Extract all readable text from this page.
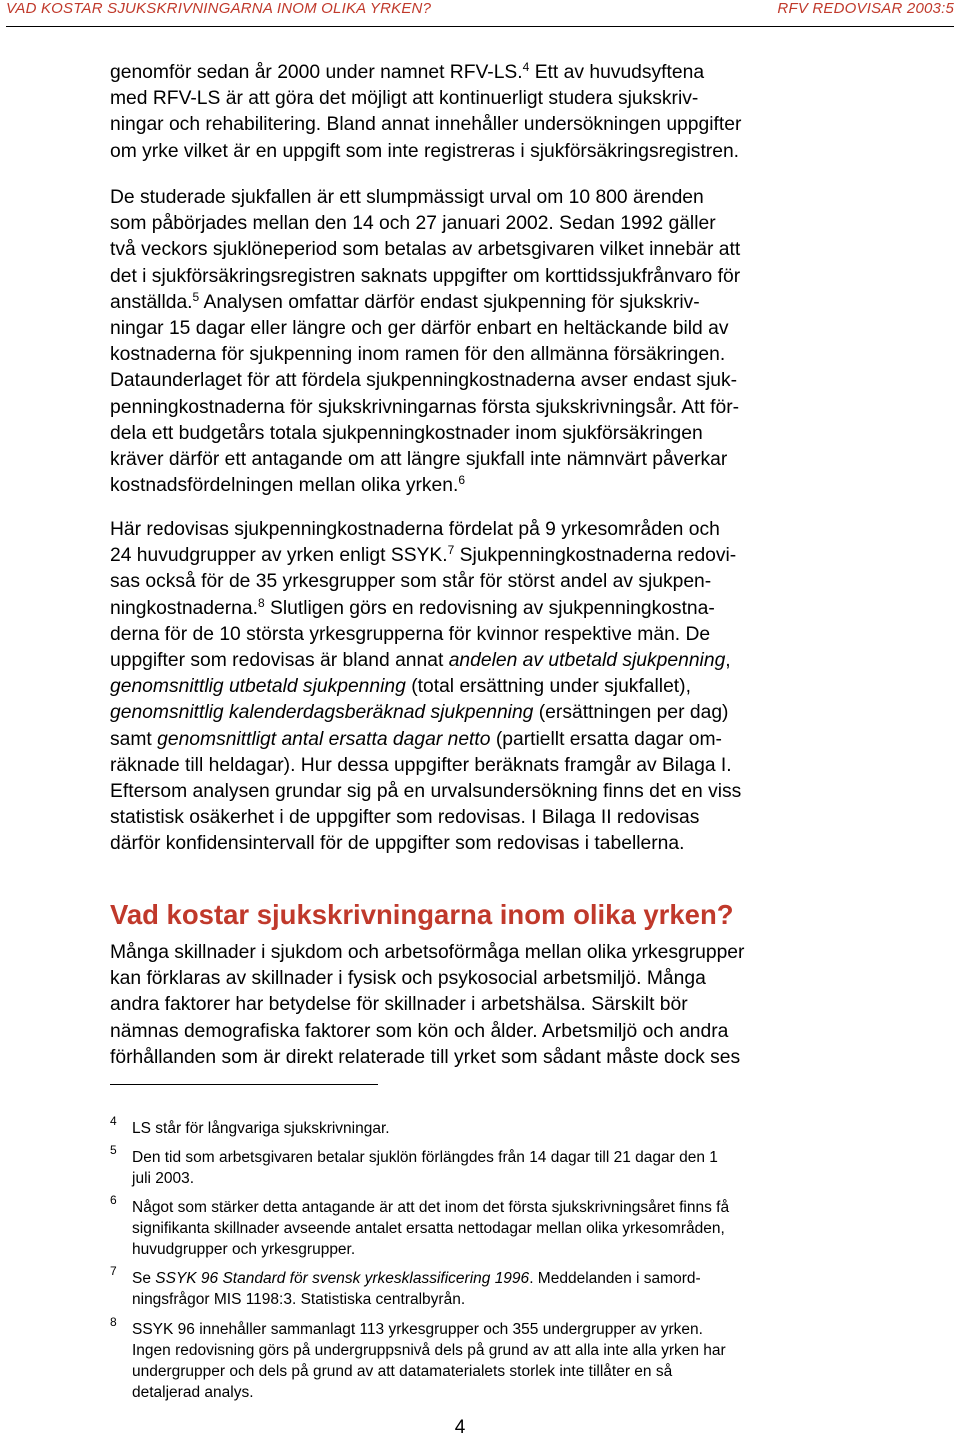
VAD KOSTAR SJUKSKRIVNINGARNA INOM OLIKA YRKEN?	RFV REDOVISAR 2003:5

genomför sedan år 2000 under namnet RFV-LS.$^4$ Ett av huvudsyftena
med RFV-LS är att göra det möjligt att kontinuerligt studera sjukskriv-
ningar och rehabilitering. Bland annat innehåller undersökningen uppgifter
om yrke vilket är en uppgift som inte registreras i sjukförsäkringsregistren.

De studerade sjukfallen är ett slumpmässigt urval om 10 800 ärenden
som påbörjades mellan den 14 och 27 januari 2002. Sedan 1992 gäller
två veckors sjuklöneperiod som betalas av arbetsgivaren vilket innebär att
det i sjukförsäkringsregistren saknats uppgifter om korttidssjukfrånvaro för
anställda.$^5$ Analysen omfattar därför endast sjukpenning för sjukskriv-
ningar 15 dagar eller längre och ger därför enbart en heltäckande bild av
kostnaderna för sjukpenning inom ramen för den allmänna försäkringen.
Dataunderlaget för att fördela sjukpenningkostnaderna avser endast sjuk-
penningkostnaderna för sjukskrivningarnas första sjukskrivningsår. Att för-
dela ett budgetårs totala sjukpenningkostnader inom sjukförsäkringen
kräver därför ett antagande om att längre sjukfall inte nämnvärt påverkar
kostnadsfördelningen mellan olika yrken.$^6$

Här redovisas sjukpenningkostnaderna fördelat på 9 yrkesområden och
24 huvudgrupper av yrken enligt SSYK.$^7$ Sjukpenningkostnaderna redovi-
sas också för de 35 yrkesgrupper som står för störst andel av sjukpen-
ningkostnaderna.$^8$ Slutligen görs en redovisning av sjukpenningkostna-
derna för de 10 största yrkesgrupperna för kvinnor respektive män. De
uppgifter som redovisas är bland annat andelen av utbetald sjukpenning,
genomsnittlig utbetald sjukpenning (total ersättning under sjukfallet),
genomsnittlig kalenderdagsberäknad sjukpenning (ersättningen per dag)
samt genomsnittligt antal ersatta dagar netto (partiellt ersatta dagar om-
räknade till heldagar). Hur dessa uppgifter beräknats framgår av Bilaga I.
Eftersom analysen grundar sig på en urvalsundersökning finns det en viss
statistisk osäkerhet i de uppgifter som redovisas. I Bilaga II redovisas
därför konfidensintervall för de uppgifter som redovisas i tabellerna.

Vad kostar sjukskrivningarna inom olika yrken?

Många skillnader i sjukdom och arbetsoförmåga mellan olika yrkesgrupper
kan förklaras av skillnader i fysisk och psykosocial arbetsmiljö. Många
andra faktorer har betydelse för skillnader i arbetshälsa. Särskilt bör
nämnas demografiska faktorer som kön och ålder. Arbetsmiljö och andra
förhållanden som är direkt relaterade till yrket som sådant måste dock ses

4 LS står för långvariga sjukskrivningar.
5 Den tid som arbetsgivaren betalar sjuklön förlängdes från 14 dagar till 21 dagar den 1
juli 2003.
6 Något som stärker detta antagande är att det inom det första sjukskrivningsåret finns få
signifikanta skillnader avseende antalet ersatta nettodagar mellan olika yrkesområden,
huvudgrupper och yrkesgrupper.
7 Se SSYK 96 Standard för svensk yrkesklassificering 1996. Meddelanden i samord-
ningsfrågor MIS 1198:3. Statistiska centralbyrån.
8 SSYK 96 innehåller sammanlagt 113 yrkesgrupper och 355 undergrupper av yrken.
Ingen redovisning görs på undergruppsnivå dels på grund av att alla inte alla yrken har
undergrupper och dels på grund av att datamaterialets storlek inte tillåter en så
detaljerad analys.
4
